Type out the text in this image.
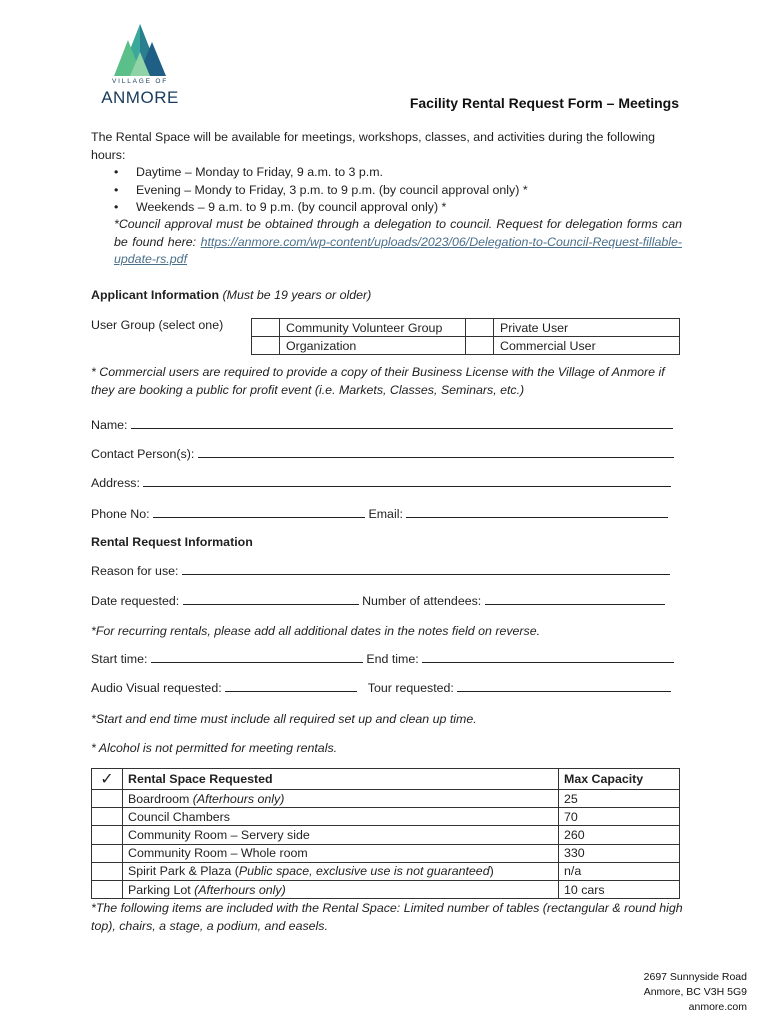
VILLAGE OF
ANMORE	Facility Rental Request Form – Meetings
The Rental Space will be available for meetings, workshops, classes, and activities during the following hours:
• Daytime – Monday to Friday, 9 a.m. to 3 p.m.
• Evening – Mondy to Friday, 3 p.m. to 9 p.m. (by council approval only) *
• Weekends – 9 a.m. to 9 p.m. (by council approval only) *
*Council approval must be obtained through a delegation to council. Request for delegation forms can be found here: https://anmore.com/wp-content/uploads/2023/06/Delegation-to-Council-Request-fillable-update-rs.pdf
Applicant Information (Must be 19 years or older)
User Group (select one)
		Community Volunteer Group		Private User
	Organization		Commercial User
* Commercial users are required to provide a copy of their Business License with the Village of Anmore if they are booking a public for profit event (i.e. Markets, Classes, Seminars, etc.)
Name:
Contact Person(s):
Address:
Phone No:	Email:
Rental Request Information
Reason for use:
Date requested:	Number of attendees:
*For recurring rentals, please add all additional dates in the notes field on reverse.
Start time:	End time:
Audio Visual requested:	Tour requested:
*Start and end time must include all required set up and clean up time.
* Alcohol is not permitted for meeting rentals.
✓	Rental Space Requested	Max Capacity
	Boardroom (Afterhours only)	25
	Council Chambers	70
	Community Room – Servery side	260
	Community Room – Whole room	330
	Spirit Park & Plaza (Public space, exclusive use is not guaranteed)	n/a
	Parking Lot (Afterhours only)	10 cars
*The following items are included with the Rental Space: Limited number of tables (rectangular & round high top), chairs, a stage, a podium, and easels.
2697 Sunnyside Road
Anmore, BC V3H 5G9
anmore.com
